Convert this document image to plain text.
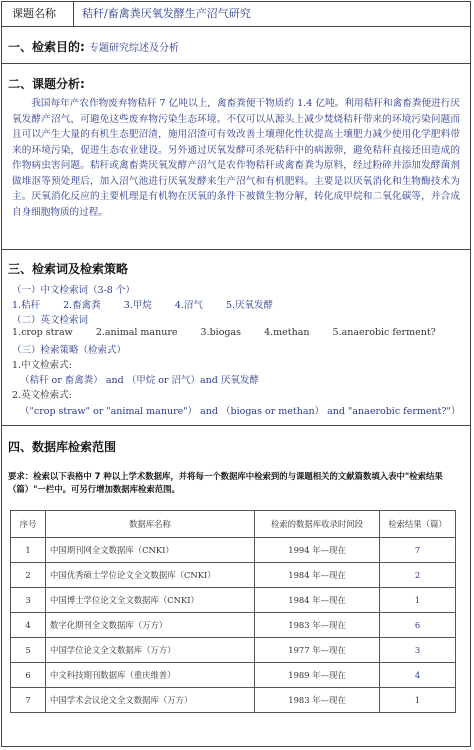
课题名称	秸秆/畜禽粪厌氧发酵生产沼气研究
一、检索目的: 专题研究综述及分析
二、课题分析:
我国每年产农作物废弃物秸秆 7 亿吨以上，禽畜粪便干物质约 1.4 亿吨。利用秸秆和禽畜粪便进行厌氧发酵产沼气，可避免这些废弃物污染生态环境。不仅可以从源头上减少焚烧秸秆带来的环境污染问题而且可以产生大量的有机生态肥沼渣，施用沼渣可有效改善土壤理化性状提高土壤肥力减少使用化学肥料带来的环境污染，促进生态农业建设。另外通过厌氧发酵可杀死秸秆中的病源卵，避免秸秆直接还田造成的作物病虫害问题。秸秆或禽畜粪厌氧发酵产沼气是农作物秸秆或禽畜粪为原料，经过粉碎并添加发酵菌剂做堆沤等预处理后，加入沼气池进行厌氧发酵来生产沼气和有机肥料。主要是以厌氧消化和生物酶技术为主。厌氧消化反应的主要机理是有机物在厌氧的条件下被微生物分解，转化成甲烷和二氧化碳等，并合成自身细胞物质的过程。
三、检索词及检索策略
（一）中文检索词（3-8 个）
1.秸秆 2.畜禽粪 3.甲烷 4.沼气 5.厌氧发酵
（二）英文检索词
1.crop straw 2.animal manure 3.biogas 4.methan 5.anaerobic ferment?
（三）检索策略（检索式）
1.中文检索式:
（秸秆 or 畜禽粪） and （甲烷 or 沼气）and 厌氧发酵
2.英文检索式:
（"crop straw" or "animal manure"） and （biogas or methan） and "anaerobic ferment?"）
四、数据库检索范围
要求：检索以下表格中 7 种以上学术数据库，并将每一个数据库中检索到的与课题相关的文献篇数填入表中"检索结果（篇）"一栏中。可另行增加数据库检索范围。
序号	数据库名称	检索的数据库收录时间段	检索结果（篇）
1	中国期刊网全文数据库（CNKI）	1994 年—现在	7
2	中国优秀硕士学位论文全文数据库（CNKI）	1984 年—现在	2
3	中国博士学位论文全文数据库（CNKI）	1984 年—现在	1
4	数字化期刊全文数据库（万方）	1983 年—现在	6
5	中国学位论文全文数据库（万方）	1977 年—现在	3
6	中文科技期刊数据库（重庆维普）	1989 年—现在	4
7	中国学术会议论文全文数据库（万方）	1983 年—现在	1
